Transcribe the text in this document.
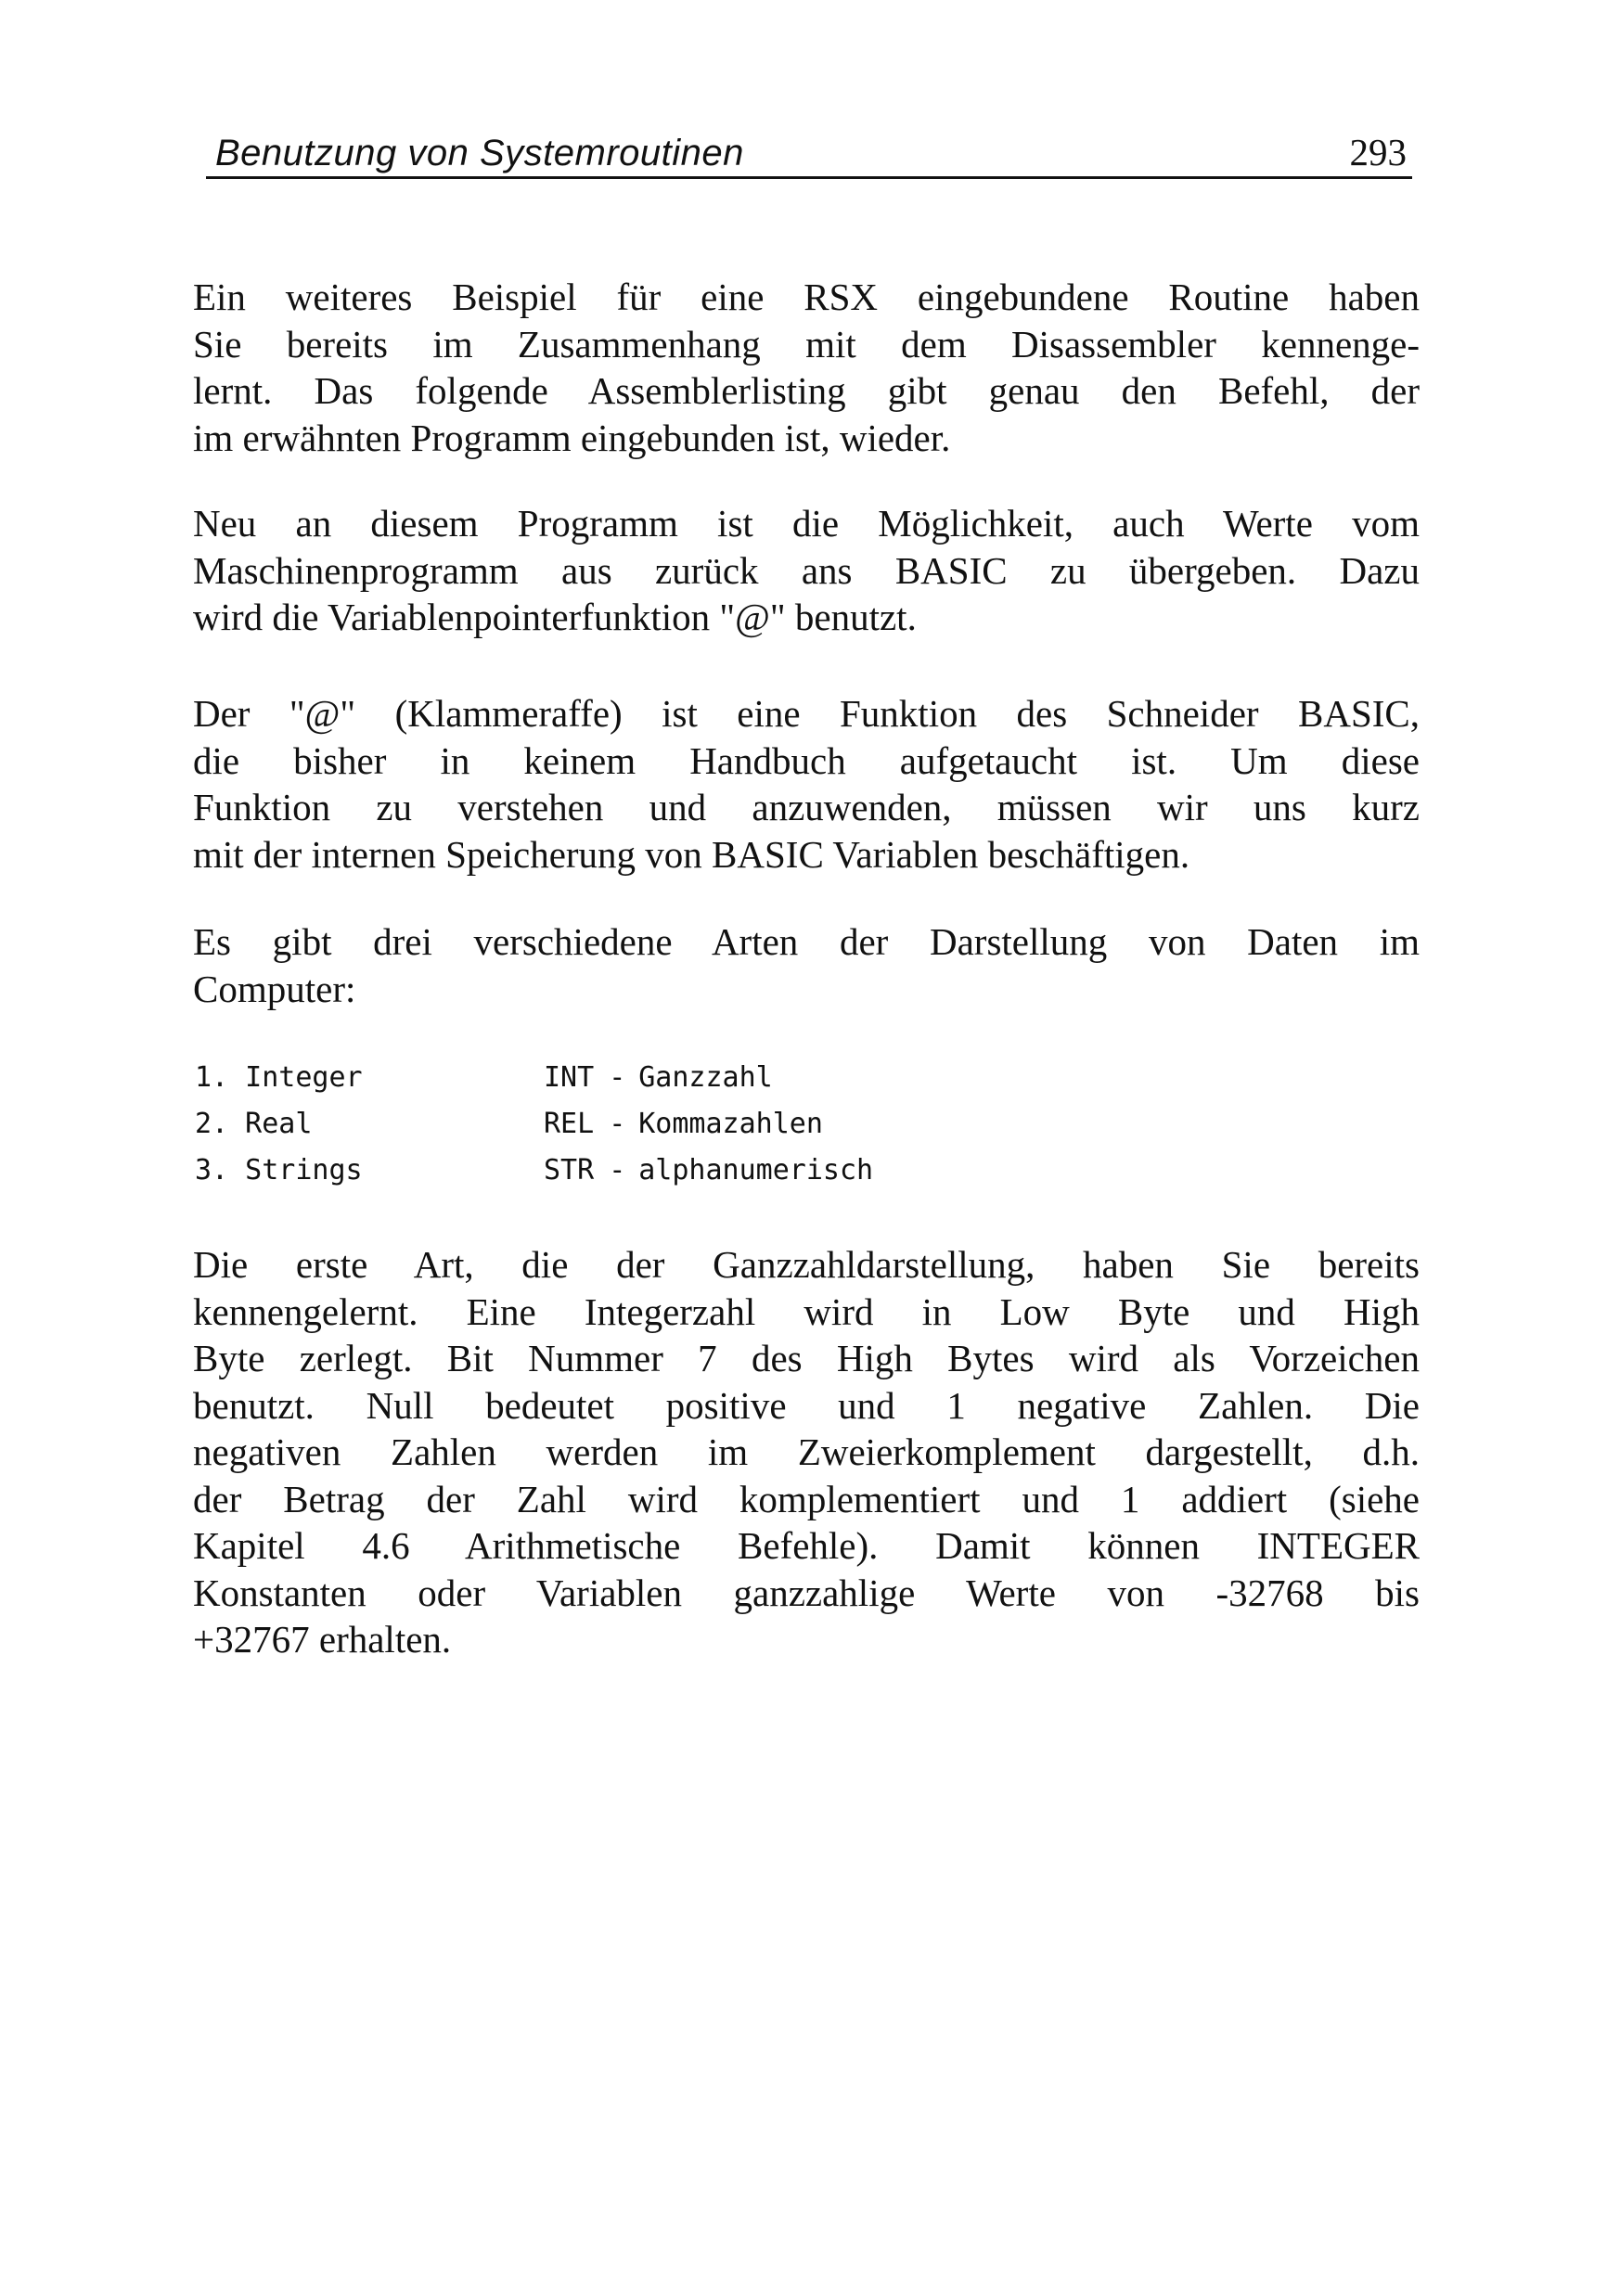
Benutzung von Systemroutinen	293

Ein weiteres Beispiel für eine RSX eingebundene Routine haben
Sie bereits im Zusammenhang mit dem Disassembler kennenge-
lernt. Das folgende Assemblerlisting gibt genau den Befehl, der
im erwähnten Programm eingebunden ist, wieder.

Neu an diesem Programm ist die Möglichkeit, auch Werte vom
Maschinenprogramm aus zurück ans BASIC zu übergeben. Dazu
wird die Variablenpointerfunktion "@" benutzt.

Der "@" (Klammeraffe) ist eine Funktion des Schneider BASIC,
die bisher in keinem Handbuch aufgetaucht ist. Um diese
Funktion zu verstehen und anzuwenden, müssen wir uns kurz
mit der internen Speicherung von BASIC Variablen beschäftigen.

Es gibt drei verschiedene Arten der Darstellung von Daten im
Computer:

1. Integer	INT - Ganzzahl
2. Real	REL - Kommazahlen
3. Strings	STR - alphanumerisch

Die erste Art, die der Ganzzahldarstellung, haben Sie bereits
kennengelernt. Eine Integerzahl wird in Low Byte und High
Byte zerlegt. Bit Nummer 7 des High Bytes wird als Vorzeichen
benutzt. Null bedeutet positive und 1 negative Zahlen. Die
negativen Zahlen werden im Zweierkomplement dargestellt, d.h.
der Betrag der Zahl wird komplementiert und 1 addiert (siehe
Kapitel 4.6 Arithmetische Befehle). Damit können INTEGER
Konstanten oder Variablen ganzzahlige Werte von -32768 bis
+32767 erhalten.
